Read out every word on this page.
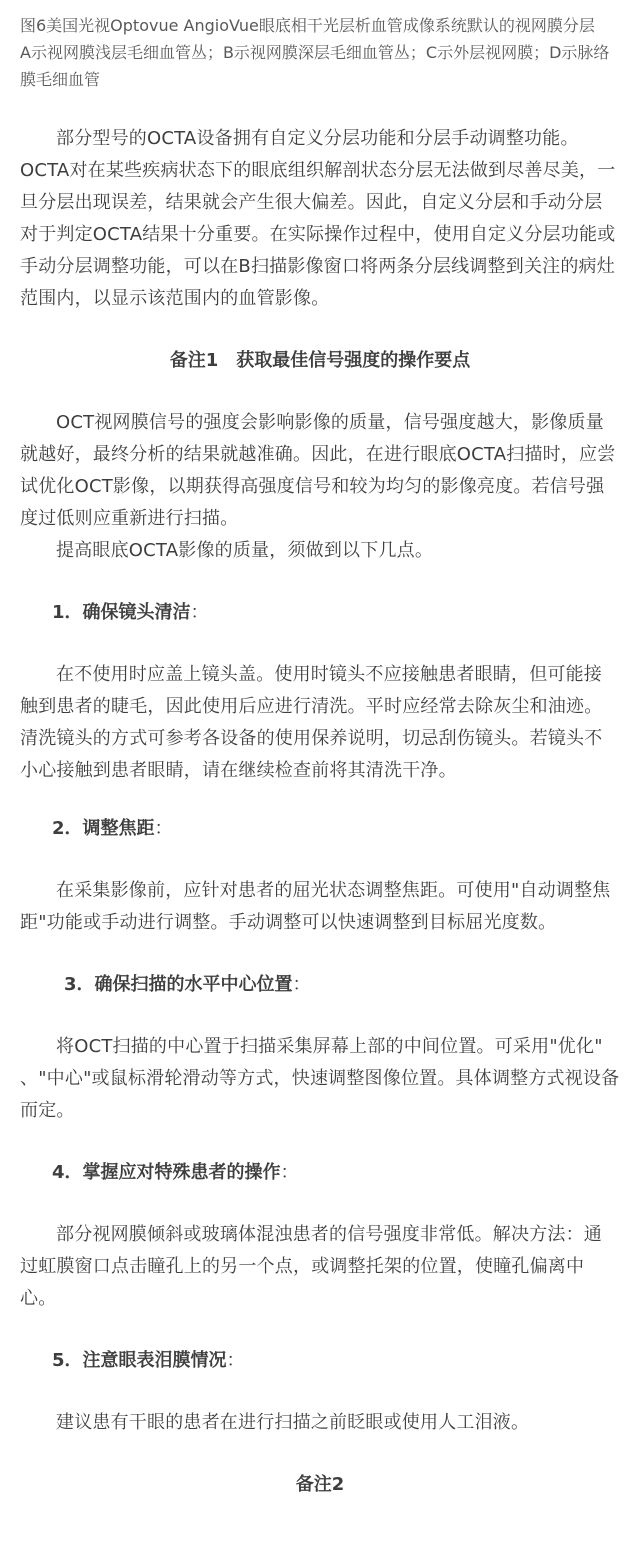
图6美国光视Optovue AngioVue眼底相干光层析血管成像系统默认的视网膜分层　A示视网膜浅层毛细血管丛；B示视网膜深层毛细血管丛；C示外层视网膜；D示脉络膜毛细血管

部分型号的OCTA设备拥有自定义分层功能和分层手动调整功能。OCTA对在某些疾病状态下的眼底组织解剖状态分层无法做到尽善尽美，一旦分层出现误差，结果就会产生很大偏差。因此，自定义分层和手动分层对于判定OCTA结果十分重要。在实际操作过程中，使用自定义分层功能或手动分层调整功能，可以在B扫描影像窗口将两条分层线调整到关注的病灶范围内，以显示该范围内的血管影像。

备注1　获取最佳信号强度的操作要点

OCT视网膜信号的强度会影响影像的质量，信号强度越大，影像质量就越好，最终分析的结果就越准确。因此，在进行眼底OCTA扫描时，应尝试优化OCT影像，以期获得高强度信号和较为均匀的影像亮度。若信号强度过低则应重新进行扫描。

提高眼底OCTA影像的质量，须做到以下几点。

1．确保镜头清洁：

在不使用时应盖上镜头盖。使用时镜头不应接触患者眼睛，但可能接触到患者的睫毛，因此使用后应进行清洗。平时应经常去除灰尘和油迹。清洗镜头的方式可参考各设备的使用保养说明，切忌刮伤镜头。若镜头不小心接触到患者眼睛，请在继续检查前将其清洗干净。

2．调整焦距：

在采集影像前，应针对患者的屈光状态调整焦距。可使用"自动调整焦距"功能或手动进行调整。手动调整可以快速调整到目标屈光度数。

3．确保扫描的水平中心位置：

将OCT扫描的中心置于扫描采集屏幕上部的中间位置。可采用"优化" 、"中心"或鼠标滑轮滑动等方式，快速调整图像位置。具体调整方式视设备而定。

4．掌握应对特殊患者的操作：

部分视网膜倾斜或玻璃体混浊患者的信号强度非常低。解决方法：通过虹膜窗口点击瞳孔上的另一个点，或调整托架的位置，使瞳孔偏离中心。

5．注意眼表泪膜情况：

建议患有干眼的患者在进行扫描之前眨眼或使用人工泪液。

备注2
